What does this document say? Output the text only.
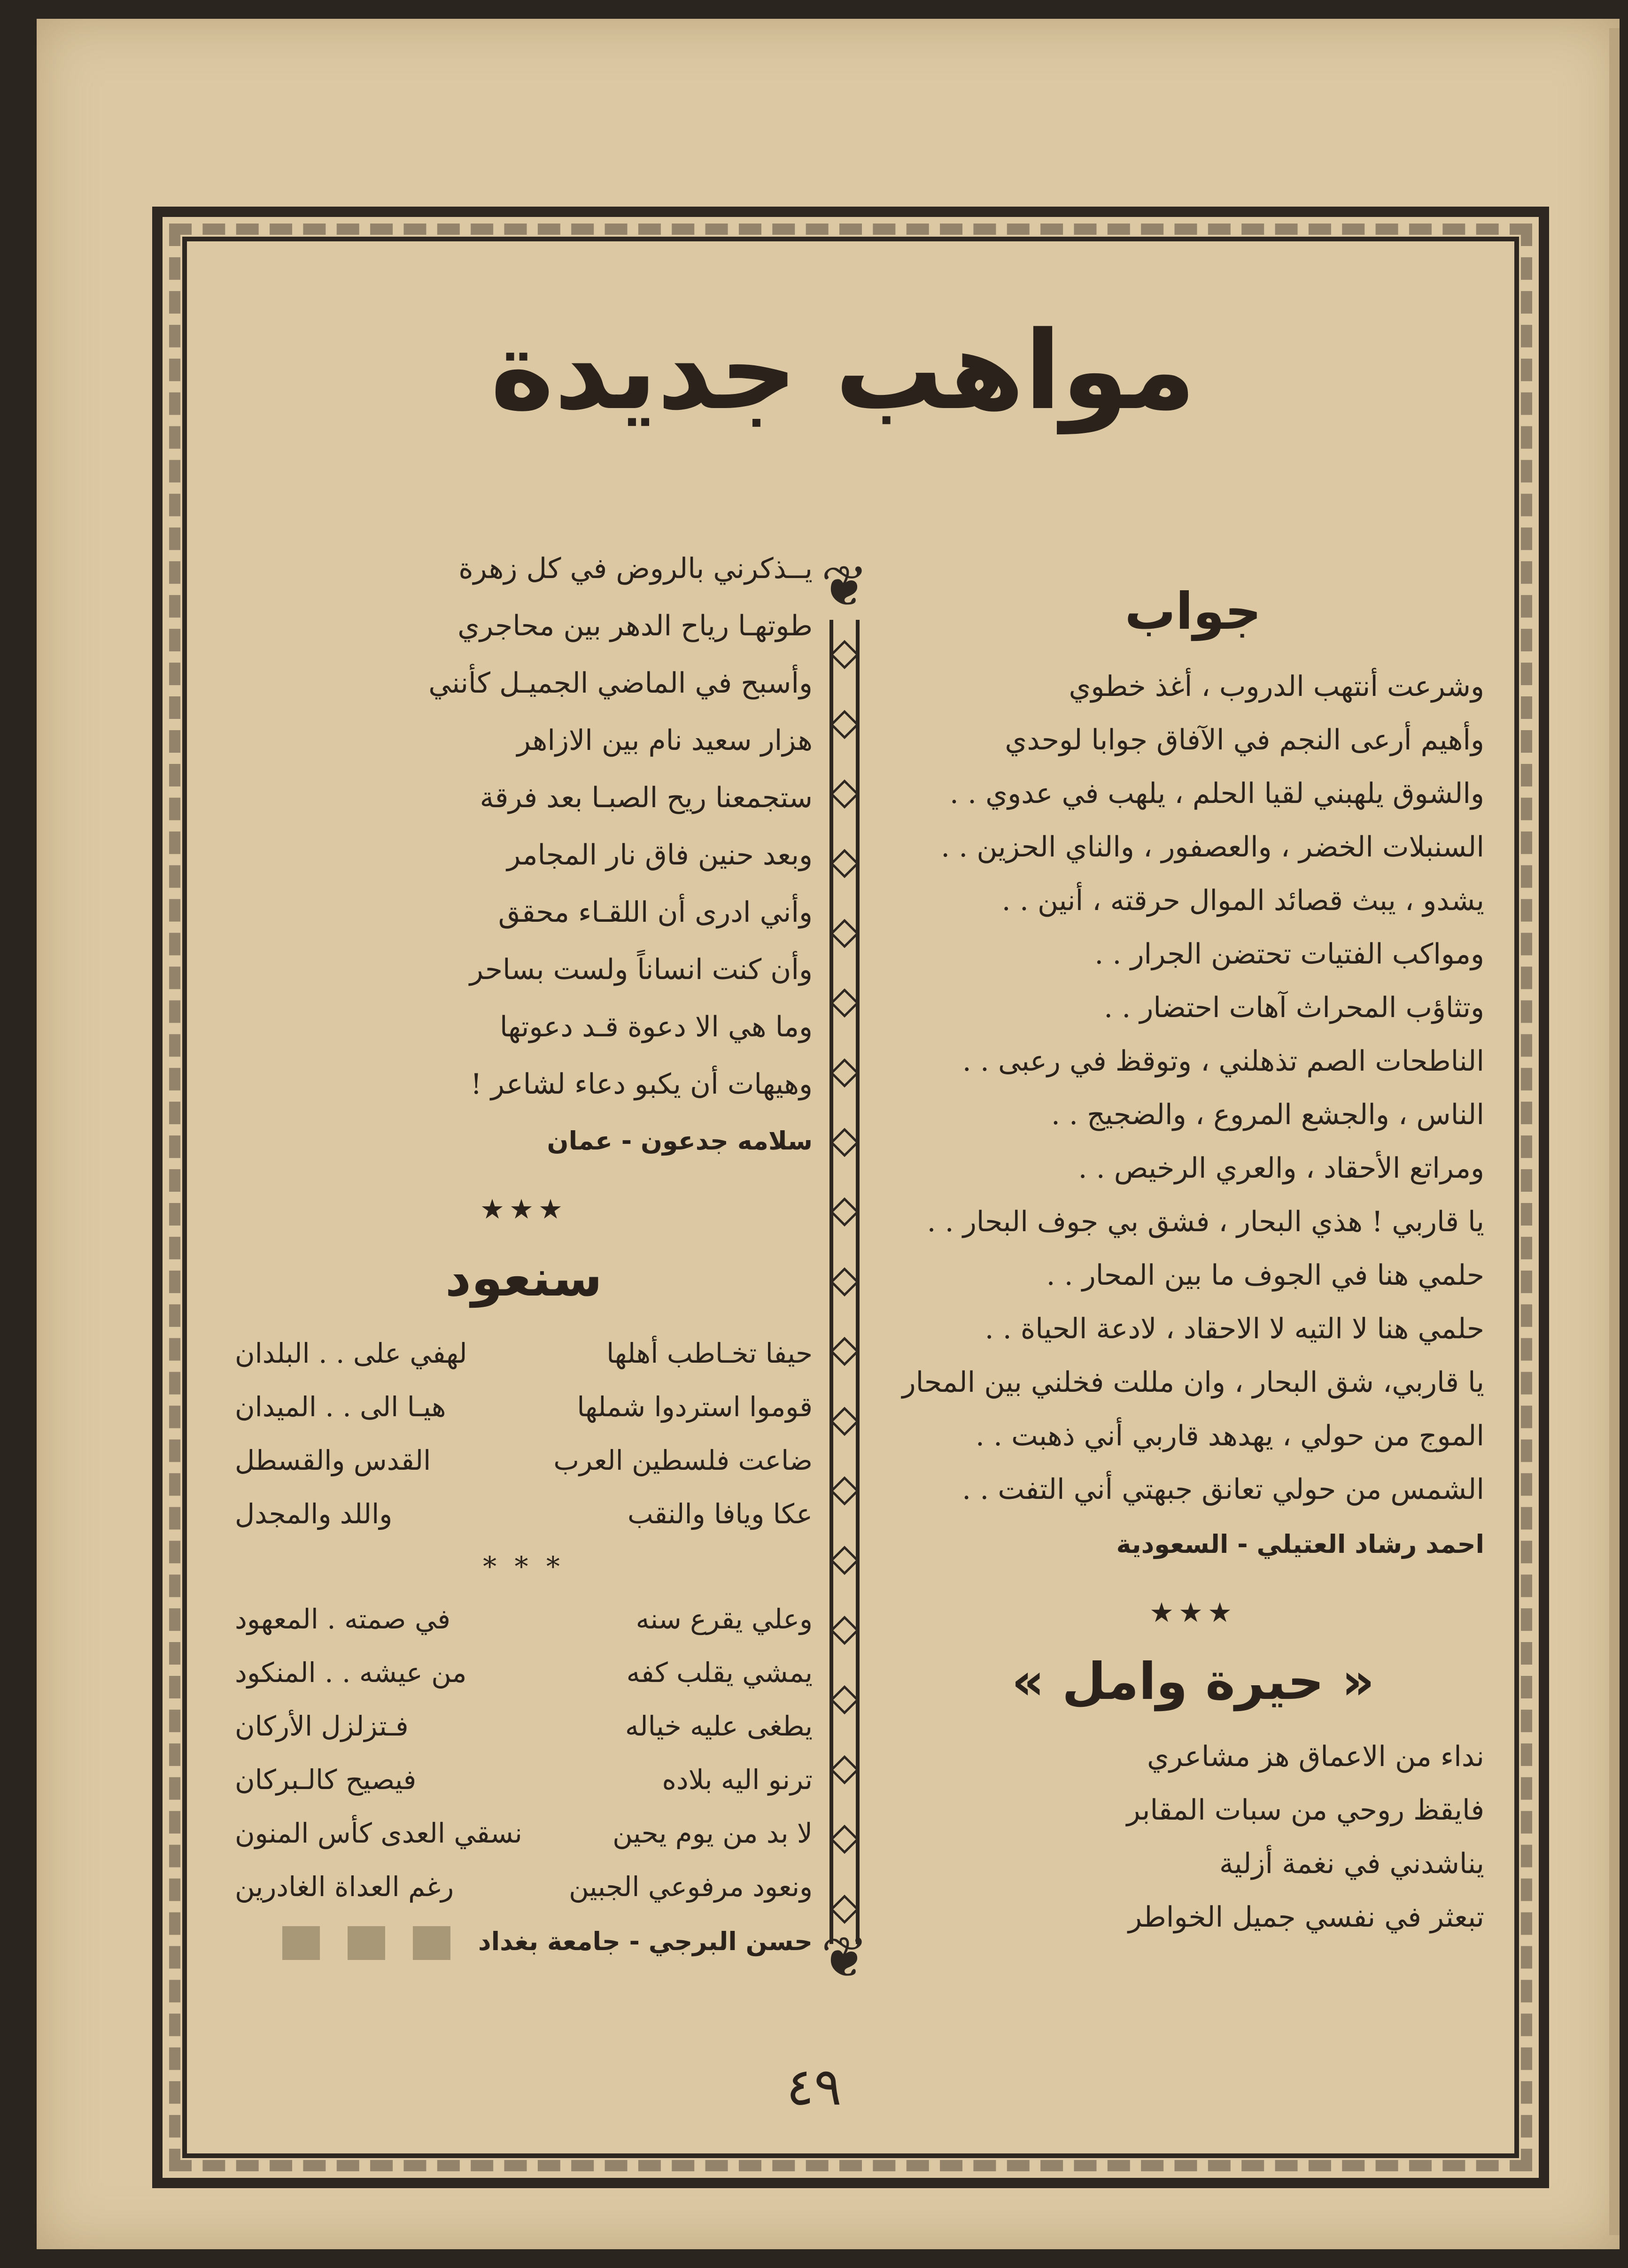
مواهب جديدة
❦
❦
جواب
وشرعت أنتهب الدروب ، أغذ خطوي
وأهيم أرعى النجم في الآفاق جوابا لوحدي
والشوق يلهبني لقيا الحلم ، يلهب في عدوي . .
السنبلات الخضر ، والعصفور ، والناي الحزين . .
يشدو ، يبث قصائد الموال حرقته ، أنين . .
ومواكب الفتيات تحتضن الجرار . .
وتثاؤب المحراث آهات احتضار . .
الناطحات الصم تذهلني ، وتوقظ في رعبى . .
الناس ، والجشع المروع ، والضجيج . .
ومراتع الأحقاد ، والعري الرخيص . .
يا قاربي ! هذي البحار ، فشق بي جوف البحار . .
حلمي هنا في الجوف ما بين المحار . .
حلمي هنا لا التيه لا الاحقاد ، لادعة الحياة . .
يا قاربي، شق البحار ، وان مللت فخلني بين المحار
الموج من حولي ، يهدهد قاربي أني ذهبت . .
الشمس من حولي تعانق جبهتي أني التفت . .
احمد رشاد العتيلي - السعودية
★★★
« حيرة وامل »
نداء من الاعماق هز مشاعري
فايقظ روحي من سبات المقابر
يناشدني في نغمة أزلية
تبعثر في نفسي جميل الخواطر
يــذكرني بالروض في كل زهرة
طوتهـا رياح الدهر بين محاجري
وأسبح في الماضي الجميـل كأنني
هزار سعيد نام بين الازاهر
ستجمعنا ريح الصبـا بعد فرقة
وبعد حنين فاق نار المجامر
وأني ادرى أن اللقـاء محقق
وأن كنت انساناً ولست بساحر
وما هي الا دعوة قـد دعوتها
وهيهات أن يكبو دعاء لشاعر !
سلامه جدعون - عمان
★★★
سنعود
حيفا تخـاطب أهلها
لهفي على . . البلدان
قوموا استردوا شملها
هيـا الى . . الميدان
ضاعت فلسطين العرب
القدس والقسطل
عكا ويافا والنقب
واللد والمجدل
* * *
وعلي يقرع سنه
في صمته . المعهود
يمشي يقلب كفه
من عيشه . . المنكود
يطغى عليه خياله
فـتزلزل الأركان
ترنو اليه بلاده
فيصيح كالـبركان
لا بد من يوم يحين
نسقي العدى كأس المنون
ونعود مرفوعي الجبين
رغم العداة الغادرين
حسن البرجي - جامعة بغداد
٤٩
